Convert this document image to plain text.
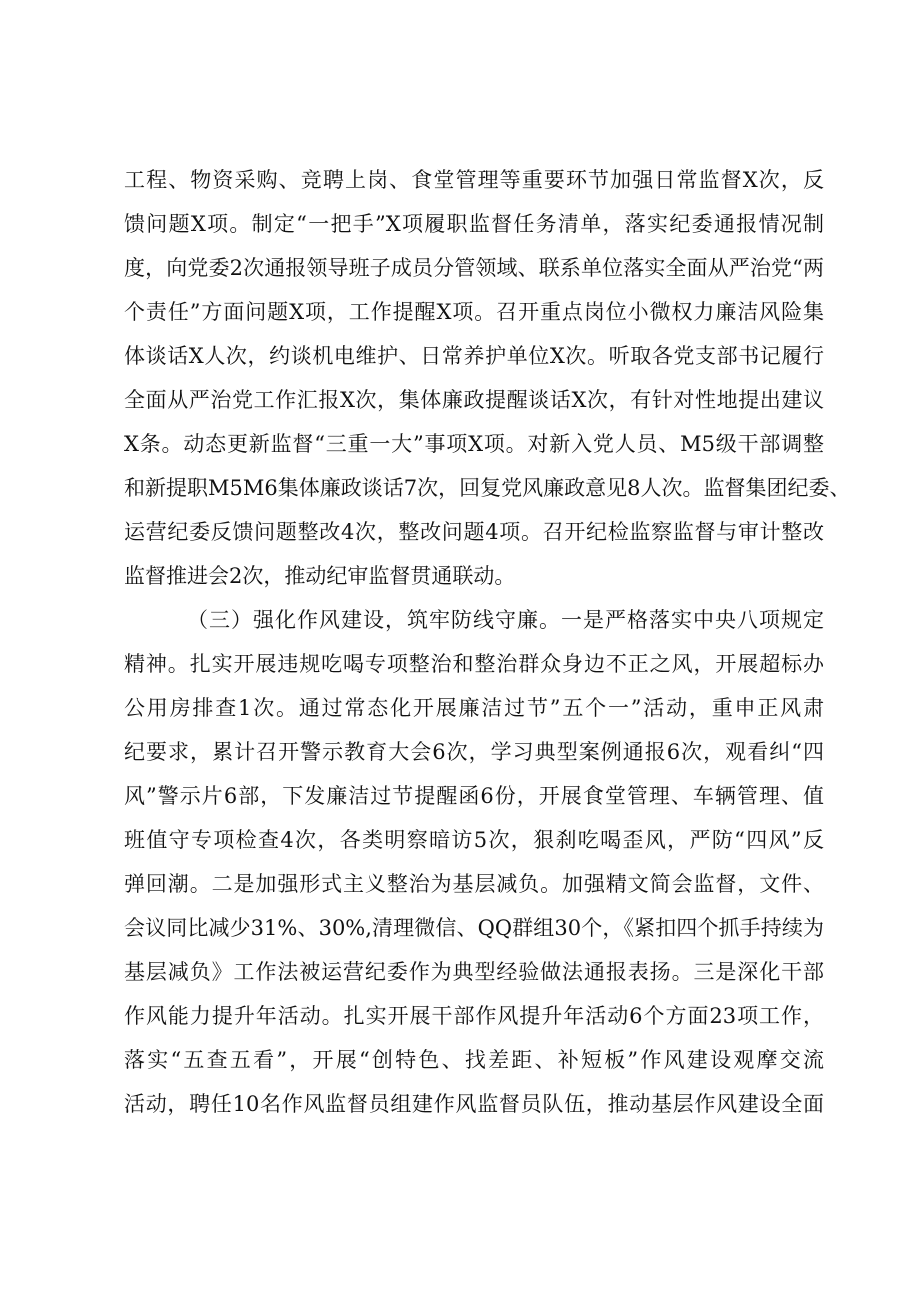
工程、物资采购、竞聘上岗、食堂管理等重要环节加强日常监督X次，反
馈问题X项。制定“一把手”X项履职监督任务清单，落实纪委通报情况制
度，向党委2次通报领导班子成员分管领域、联系单位落实全面从严治党“两
个责任”方面问题X项，工作提醒X项。召开重点岗位小微权力廉洁风险集
体谈话X人次，约谈机电维护、日常养护单位X次。听取各党支部书记履行
全面从严治党工作汇报X次，集体廉政提醒谈话X次，有针对性地提出建议
X条。动态更新监督“三重一大”事项X项。对新入党人员、M5级干部调整
和新提职M5M6集体廉政谈话7次，回复党风廉政意见8人次。监督集团纪委、
运营纪委反馈问题整改4次，整改问题4项。召开纪检监察监督与审计整改
监督推进会2次，推动纪审监督贯通联动。
（三）强化作风建设，筑牢防线守廉。一是严格落实中央八项规定
精神。扎实开展违规吃喝专项整治和整治群众身边不正之风，开展超标办
公用房排查1次。通过常态化开展廉洁过节”五个一”活动，重申正风肃
纪要求，累计召开警示教育大会6次，学习典型案例通报6次，观看纠“四
风”警示片6部，下发廉洁过节提醒函6份，开展食堂管理、车辆管理、值
班值守专项检查4次，各类明察暗访5次，狠刹吃喝歪风，严防“四风”反
弹回潮。二是加强形式主义整治为基层减负。加强精文简会监督，文件、
会议同比减少31%、30%,清理微信、QQ群组30个，《紧扣四个抓手持续为
基层减负》工作法被运营纪委作为典型经验做法通报表扬。三是深化干部
作风能力提升年活动。扎实开展干部作风提升年活动6个方面23项工作，
落实“五查五看”，开展“创特色、找差距、补短板”作风建设观摩交流
活动，聘任10名作风监督员组建作风监督员队伍，推动基层作风建设全面
